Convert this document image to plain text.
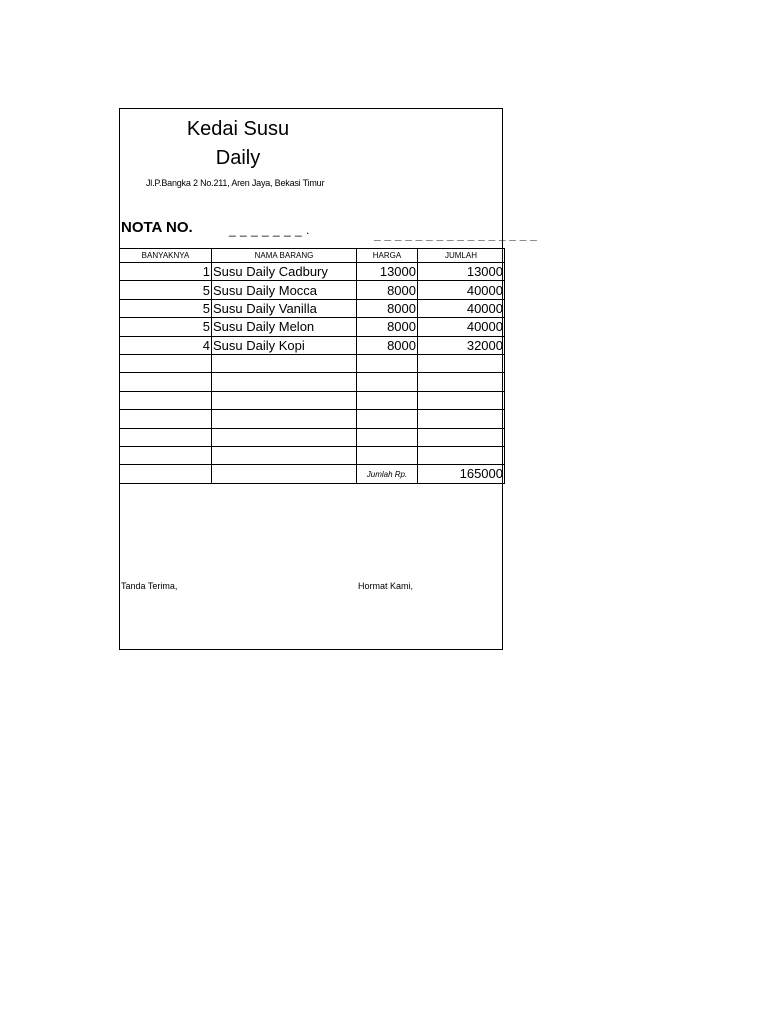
Kedai Susu Daily
Jl.P.Bangka 2 No.211, Aren Jaya, Bekasi Timur
NOTA NO.	_ _ _ _ _ _ _ .	_ _ _ _ _ _ _ _ _ _ _ _ _ _ _ _
BANYAKNYA	NAMA BARANG	HARGA	JUMLAH
1	Susu Daily Cadbury	13000	13000
5	Susu Daily Mocca	8000	40000
5	Susu Daily Vanilla	8000	40000
5	Susu Daily Melon	8000	40000
4	Susu Daily Kopi	8000	32000

		Jumlah Rp.	165000
Tanda Terima,	Hormat Kami,
